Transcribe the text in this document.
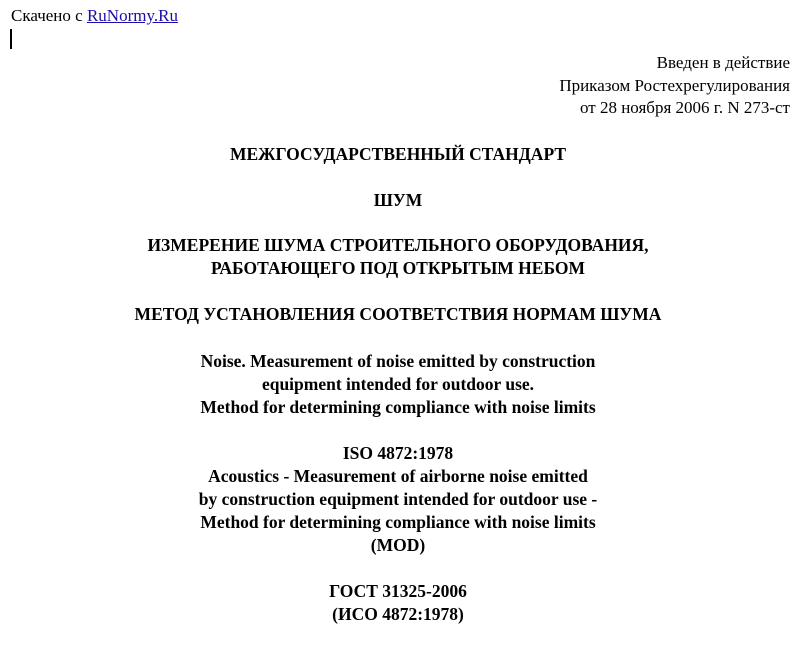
Скачено с RuNormy.Ru
Введен в действие
Приказом Ростехрегулирования
от 28 ноября 2006 г. N 273-ст
МЕЖГОСУДАРСТВЕННЫЙ СТАНДАРТ
ШУМ
ИЗМЕРЕНИЕ ШУМА СТРОИТЕЛЬНОГО ОБОРУДОВАНИЯ,
РАБОТАЮЩЕГО ПОД ОТКРЫТЫМ НЕБОМ
МЕТОД УСТАНОВЛЕНИЯ СООТВЕТСТВИЯ НОРМАМ ШУМА
Noise. Measurement of noise emitted by construction
equipment intended for outdoor use.
Method for determining compliance with noise limits
ISO 4872:1978
Acoustics - Measurement of airborne noise emitted
by construction equipment intended for outdoor use -
Method for determining compliance with noise limits
(MOD)
ГОСТ 31325-2006
(ИСО 4872:1978)
